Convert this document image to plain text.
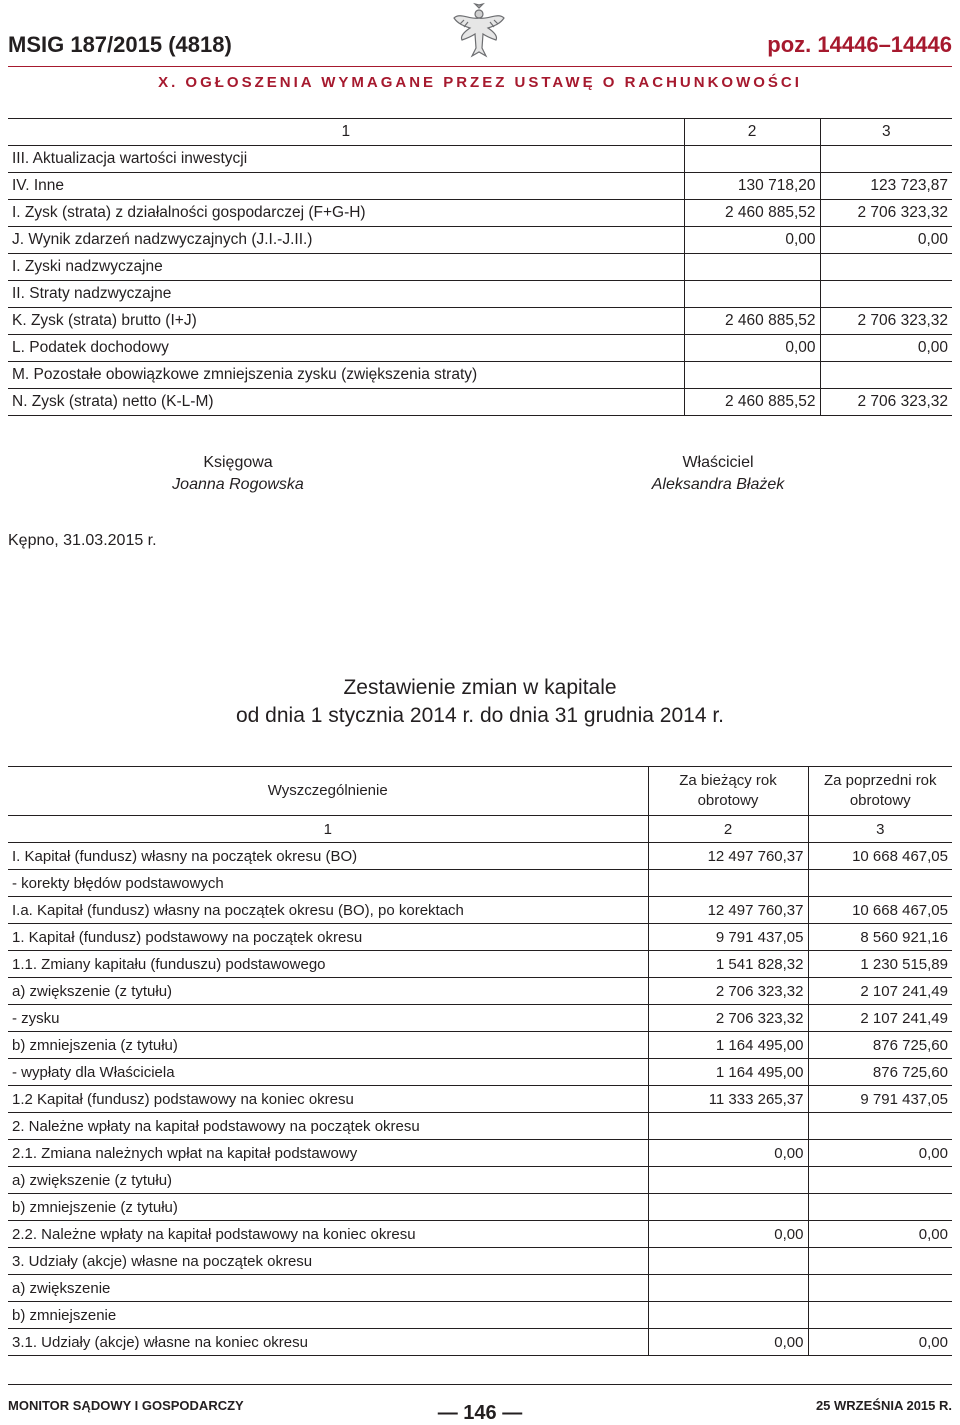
MSIG 187/2015 (4818)	poz. 14446–14446
X. OGŁOSZENIA WYMAGANE PRZEZ USTAWĘ O RACHUNKOWOŚCI
1	2	3
III. Aktualizacja wartości inwestycji		
IV. Inne	130 718,20	123 723,87
I. Zysk (strata) z działalności gospodarczej (F+G-H)	2 460 885,52	2 706 323,32
J. Wynik zdarzeń nadzwyczajnych (J.I.-J.II.)	0,00	0,00
I. Zyski nadzwyczajne		
II. Straty nadzwyczajne		
K. Zysk (strata) brutto (I+J)	2 460 885,52	2 706 323,32
L. Podatek dochodowy	0,00	0,00
M. Pozostałe obowiązkowe zmniejszenia zysku (zwiększenia straty)		
N. Zysk (strata) netto (K-L-M)	2 460 885,52	2 706 323,32
Księgowa
Joanna Rogowska
Właściciel
Aleksandra Błażek
Kępno, 31.03.2015 r.
Zestawienie zmian w kapitale
od dnia 1 stycznia 2014 r. do dnia 31 grudnia 2014 r.
Wyszczególnienie	Za bieżący rok obrotowy	Za poprzedni rok obrotowy
1	2	3
I. Kapitał (fundusz) własny na początek okresu (BO)	12 497 760,37	10 668 467,05
- korekty błędów podstawowych		
I.a. Kapitał (fundusz) własny na początek okresu (BO), po korektach	12 497 760,37	10 668 467,05
1. Kapitał (fundusz) podstawowy na początek okresu	9 791 437,05	8 560 921,16
1.1. Zmiany kapitału (funduszu) podstawowego	1 541 828,32	1 230 515,89
a) zwiększenie (z tytułu)	2 706 323,32	2 107 241,49
- zysku	2 706 323,32	2 107 241,49
b) zmniejszenia (z tytułu)	1 164 495,00	876 725,60
- wypłaty dla Właściciela	1 164 495,00	876 725,60
1.2 Kapitał (fundusz) podstawowy na koniec okresu	11 333 265,37	9 791 437,05
2. Należne wpłaty na kapitał podstawowy na początek okresu		
2.1. Zmiana należnych wpłat na kapitał podstawowy	0,00	0,00
a) zwiększenie (z tytułu)		
b) zmniejszenie (z tytułu)		
2.2. Należne wpłaty na kapitał podstawowy na koniec okresu	0,00	0,00
3. Udziały (akcje) własne na początek okresu		
a) zwiększenie		
b) zmniejszenie		
3.1. Udziały (akcje) własne na koniec okresu	0,00	0,00
MONITOR SĄDOWY I GOSPODARCZY	— 146 —	25 WRZEŚNIA 2015 R.
